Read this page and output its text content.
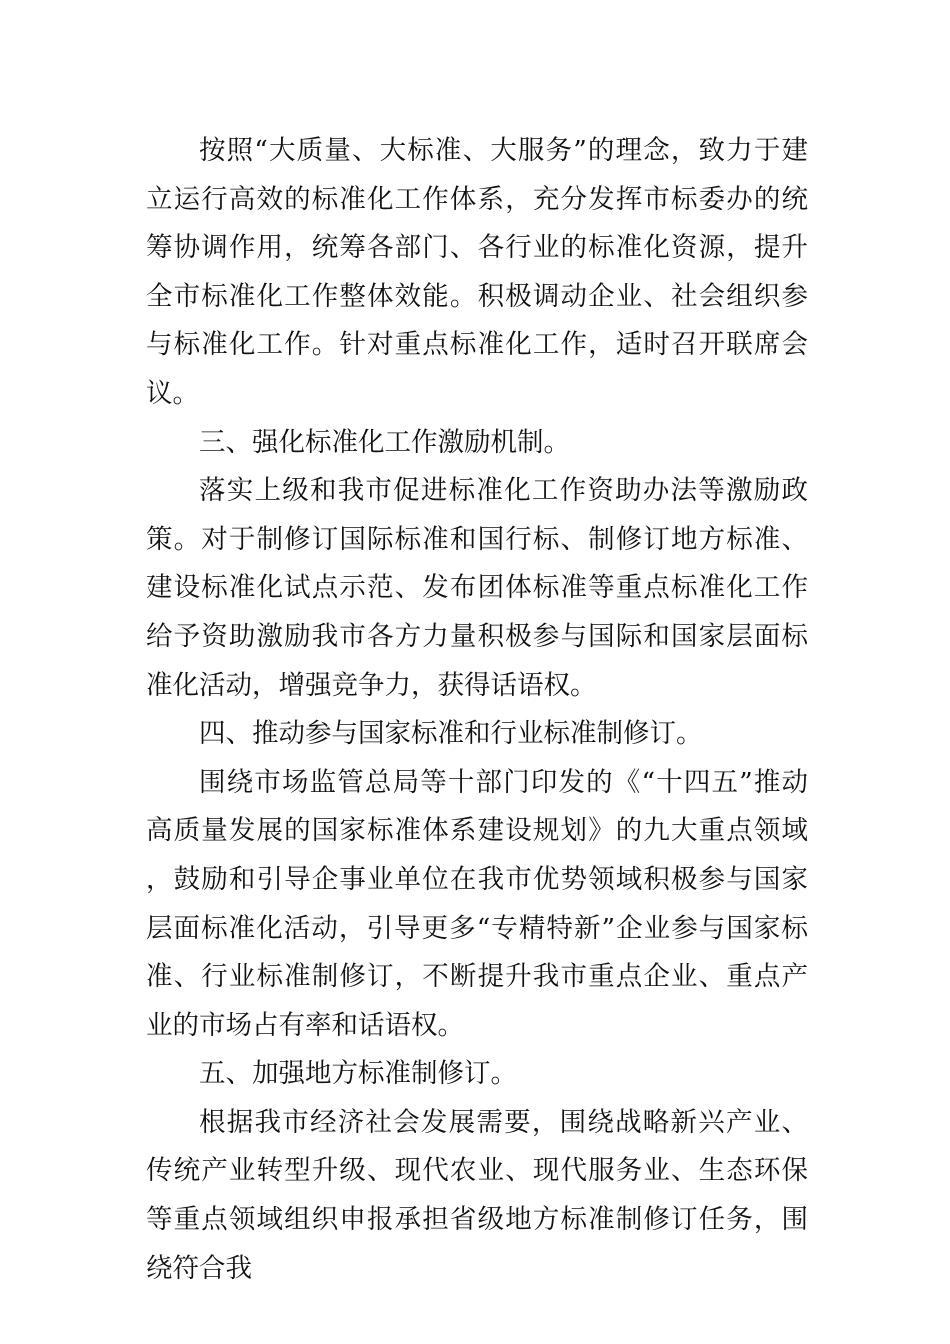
按照“大质量、大标准、大服务”的理念，致力于建立运行高效的标准化工作体系，充分发挥市标委办的统筹协调作用，统筹各部门、各行业的标准化资源，提升全市标准化工作整体效能。积极调动企业、社会组织参与标准化工作。针对重点标准化工作，适时召开联席会议。

三、强化标准化工作激励机制。

落实上级和我市促进标准化工作资助办法等激励政策。对于制修订国际标准和国行标、制修订地方标准、建设标准化试点示范、发布团体标准等重点标准化工作给予资助激励我市各方力量积极参与国际和国家层面标准化活动，增强竞争力，获得话语权。

四、推动参与国家标准和行业标准制修订。

围绕市场监管总局等十部门印发的《“十四五”推动高质量发展的国家标准体系建设规划》的九大重点领域，鼓励和引导企事业单位在我市优势领域积极参与国家层面标准化活动，引导更多“专精特新”企业参与国家标准、行业标准制修订，不断提升我市重点企业、重点产业的市场占有率和话语权。

五、加强地方标准制修订。

根据我市经济社会发展需要，围绕战略新兴产业、传统产业转型升级、现代农业、现代服务业、生态环保等重点领域组织申报承担省级地方标准制修订任务，围绕符合我
